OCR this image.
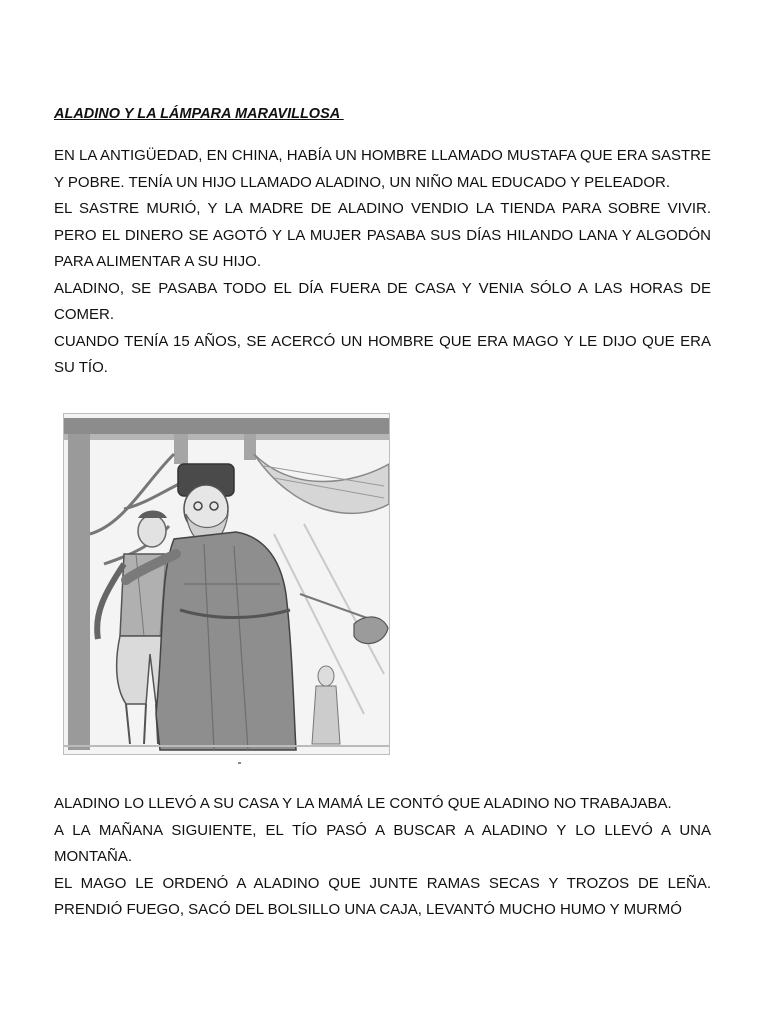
ALADINO Y LA LÁMPARA MARAVILLOSA

EN LA ANTIGÜEDAD, EN CHINA, HABÍA UN HOMBRE LLAMADO MUSTAFA QUE ERA SASTRE Y POBRE. TENÍA UN HIJO LLAMADO ALADINO, UN NIÑO MAL EDUCADO Y PELEADOR.

EL SASTRE MURIÓ, Y LA MADRE DE ALADINO VENDIO LA TIENDA PARA SOBRE VIVIR. PERO EL DINERO SE AGOTÓ Y LA MUJER PASABA SUS DÍAS HILANDO LANA Y ALGODÓN PARA ALIMENTAR A SU HIJO.

ALADINO, SE PASABA TODO EL DÍA FUERA DE CASA Y VENIA SÓLO A LAS HORAS DE COMER.

CUANDO TENÍA 15 AÑOS, SE ACERCÓ UN HOMBRE QUE ERA MAGO Y LE DIJO QUE ERA SU TÍO.

ALADINO LO LLEVÓ A SU CASA Y LA MAMÁ LE CONTÓ QUE ALADINO NO TRABAJABA.

A LA MAÑANA SIGUIENTE, EL TÍO PASÓ A BUSCAR A ALADINO Y LO LLEVÓ A UNA MONTAÑA.

EL MAGO LE ORDENÓ A ALADINO QUE JUNTE RAMAS SECAS Y TROZOS DE LEÑA. PRENDIÓ FUEGO, SACÓ DEL BOLSILLO UNA CAJA, LEVANTÓ MUCHO HUMO Y MURMÓ
